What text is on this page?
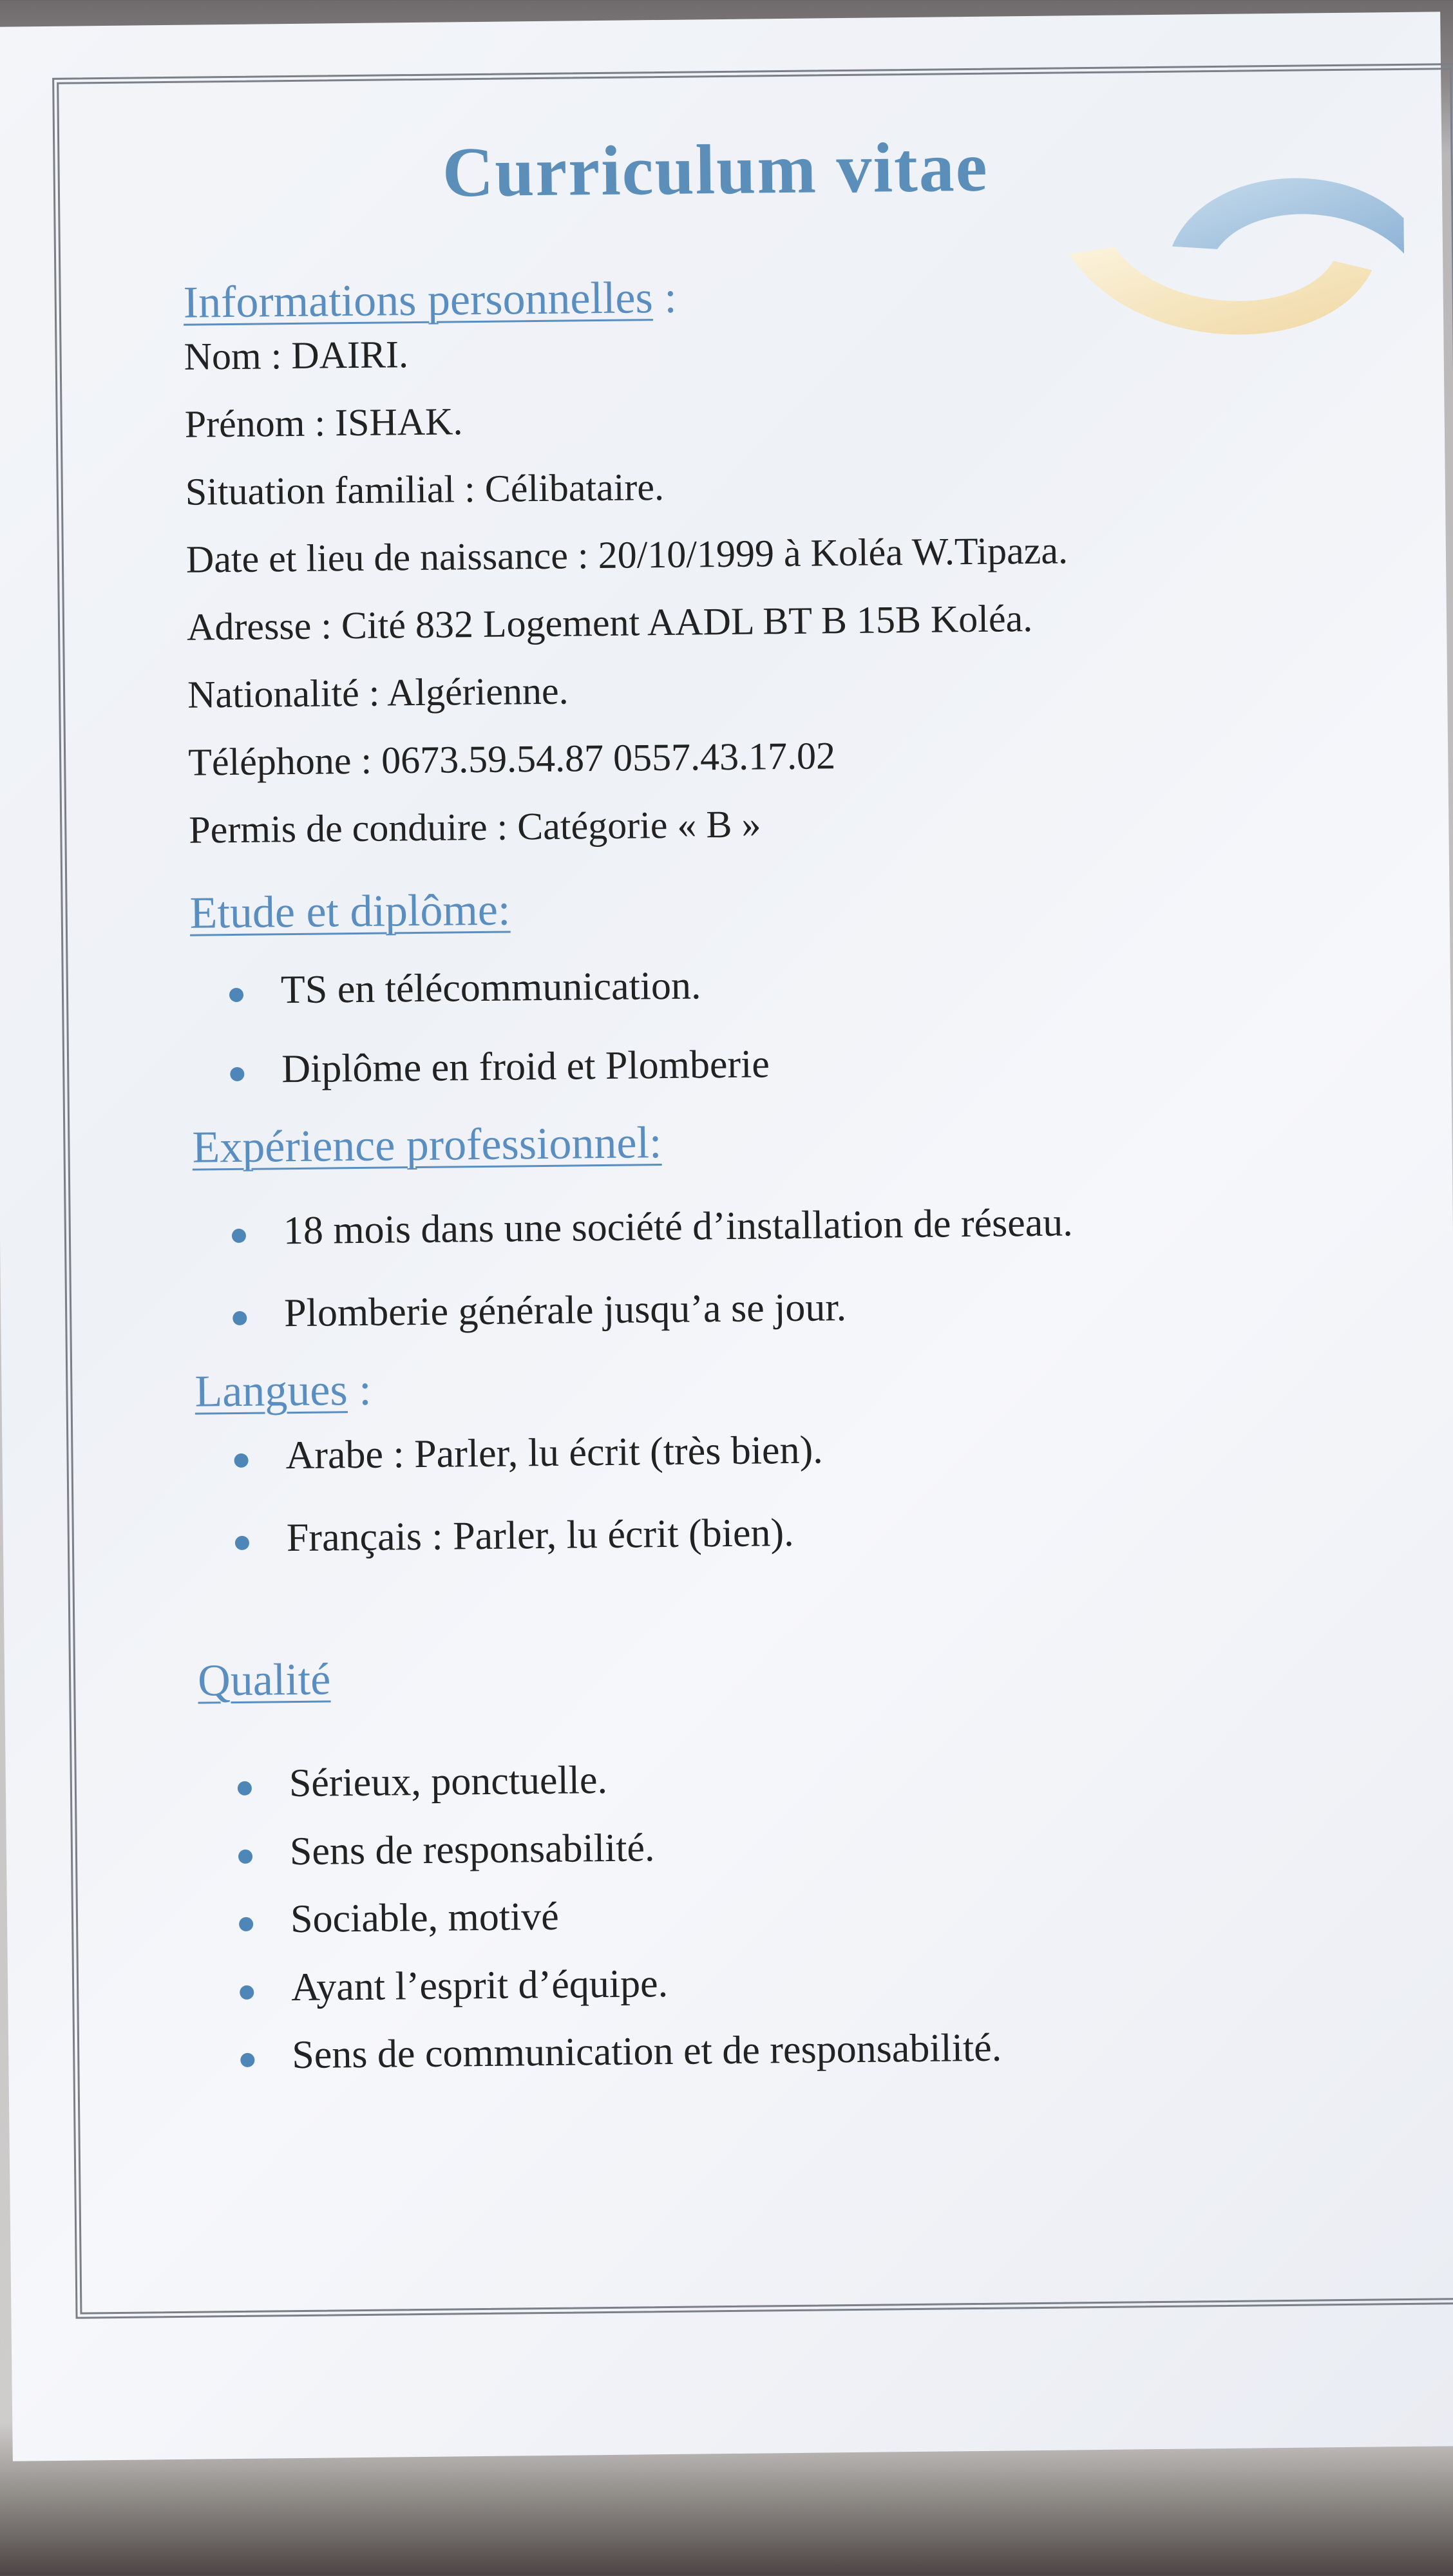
Curriculum vitae

Informations personnelles :

Nom : DAIRI.

Prénom : ISHAK.

Situation familial : Célibataire.

Date et lieu de naissance : 20/10/1999 à Koléa W.Tipaza.

Adresse : Cité 832 Logement AADL BT B 15B Koléa.

Nationalité : Algérienne.

Téléphone : 0673.59.54.87 0557.43.17.02

Permis de conduire : Catégorie « B »

Etude et diplôme:

TS en télécommunication.
Diplôme en froid et Plomberie

Expérience professionnel:

18 mois dans une société d’installation de réseau.
Plomberie générale jusqu’a se jour.

Langues :

Arabe : Parler, lu écrit (très bien).
Français : Parler, lu écrit (bien).

Qualité

Sérieux, ponctuelle.
Sens de responsabilité.
Sociable, motivé
Ayant l’esprit d’équipe.
Sens de communication et de responsabilité.
